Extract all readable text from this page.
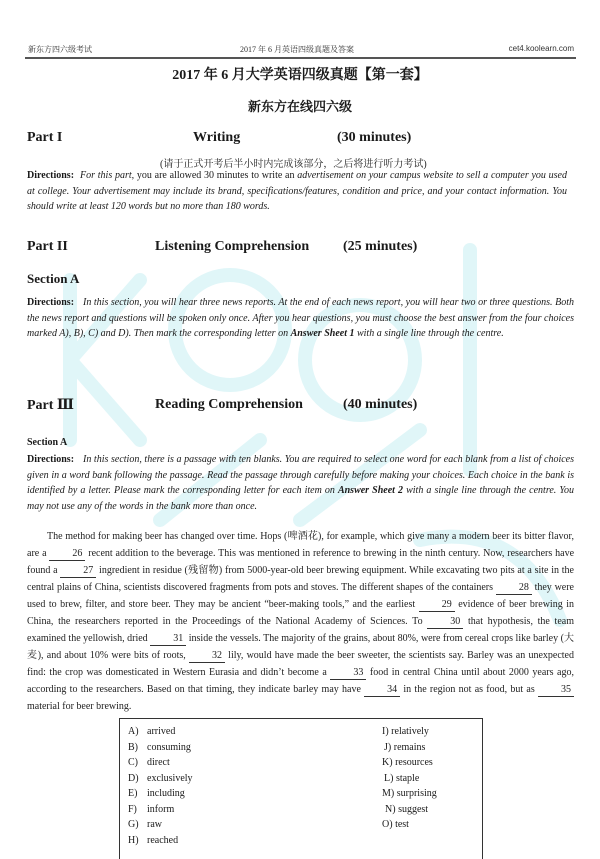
新东方四六级考试	2017 年 6 月英语四级真题及答案	cet4.koolearn.com
2017 年 6 月大学英语四级真题【第一套】
新东方在线四六级
Part I	Writing	(30 minutes)
(请于正式开考后半小时内完成该部分，之后将进行听力考试)
Directions: For this part, you are allowed 30 minutes to write an advertisement on your campus website to sell a computer you used at college. Your advertisement may include its brand, specifications/features, condition and price, and your contact information. You should write at least 120 words but no more than 180 words.
Part II	Listening Comprehension (25 minutes)
Section A
Directions: In this section, you will hear three news reports. At the end of each news report, you will hear two or three questions. Both the news report and questions will be spoken only once. After you hear questions, you must choose the best answer from the four choices marked A), B), C) and D). Then mark the corresponding letter on Answer Sheet 1 with a single line through the centre.
Part Ⅲ	Reading Comprehension	(40 minutes)
Section A
Directions: In this section, there is a passage with ten blanks. You are required to select one word for each blank from a list of choices given in a word bank following the passage. Read the passage through carefully before making your choices. Each choice in the bank is identified by a letter. Please mark the corresponding letter for each item on Answer Sheet 2 with a single line through the centre. You may not use any of the words in the bank more than once.

The method for making beer has changed over time. Hops (啤酒花), for example, which give many a modern beer its bitter flavor, are a 26 recent addition to the beverage. This was mentioned in reference to brewing in the ninth century. Now, researchers have found a 27 ingredient in residue (残留物) from 5000-year-old beer brewing equipment. While excavating two pits at a site in the central plains of China, scientists discovered fragments from pots and stoves. The different shapes of the containers 28 they were used to brew, filter, and store beer. They may be ancient “beer-making tools,” and the earliest 29 evidence of beer brewing in China, the researchers reported in the Proceedings of the National Academy of Sciences. To 30 that hypothesis, the team examined the yellowish, dried 31 inside the vessels. The majority of the grains, about 80%, were from cereal crops like barley (大麦), and about 10% were bits of roots, 32 lily, would have made the beer sweeter, the scientists say. Barley was an unexpected find: the crop was domesticated in Western Eurasia and didn’t become a 33 food in central China until about 2000 years ago, according to the researchers. Based on that timing, they indicate barley may have 34 in the region not as food, but as 35 material for beer brewing.

A) arrived
B) consuming
C) direct
D) exclusively
E) including
F) inform
G) raw
H) reached
I) relatively
J) remains
K) resources
L) staple
M) surprising
N) suggest
O) test
